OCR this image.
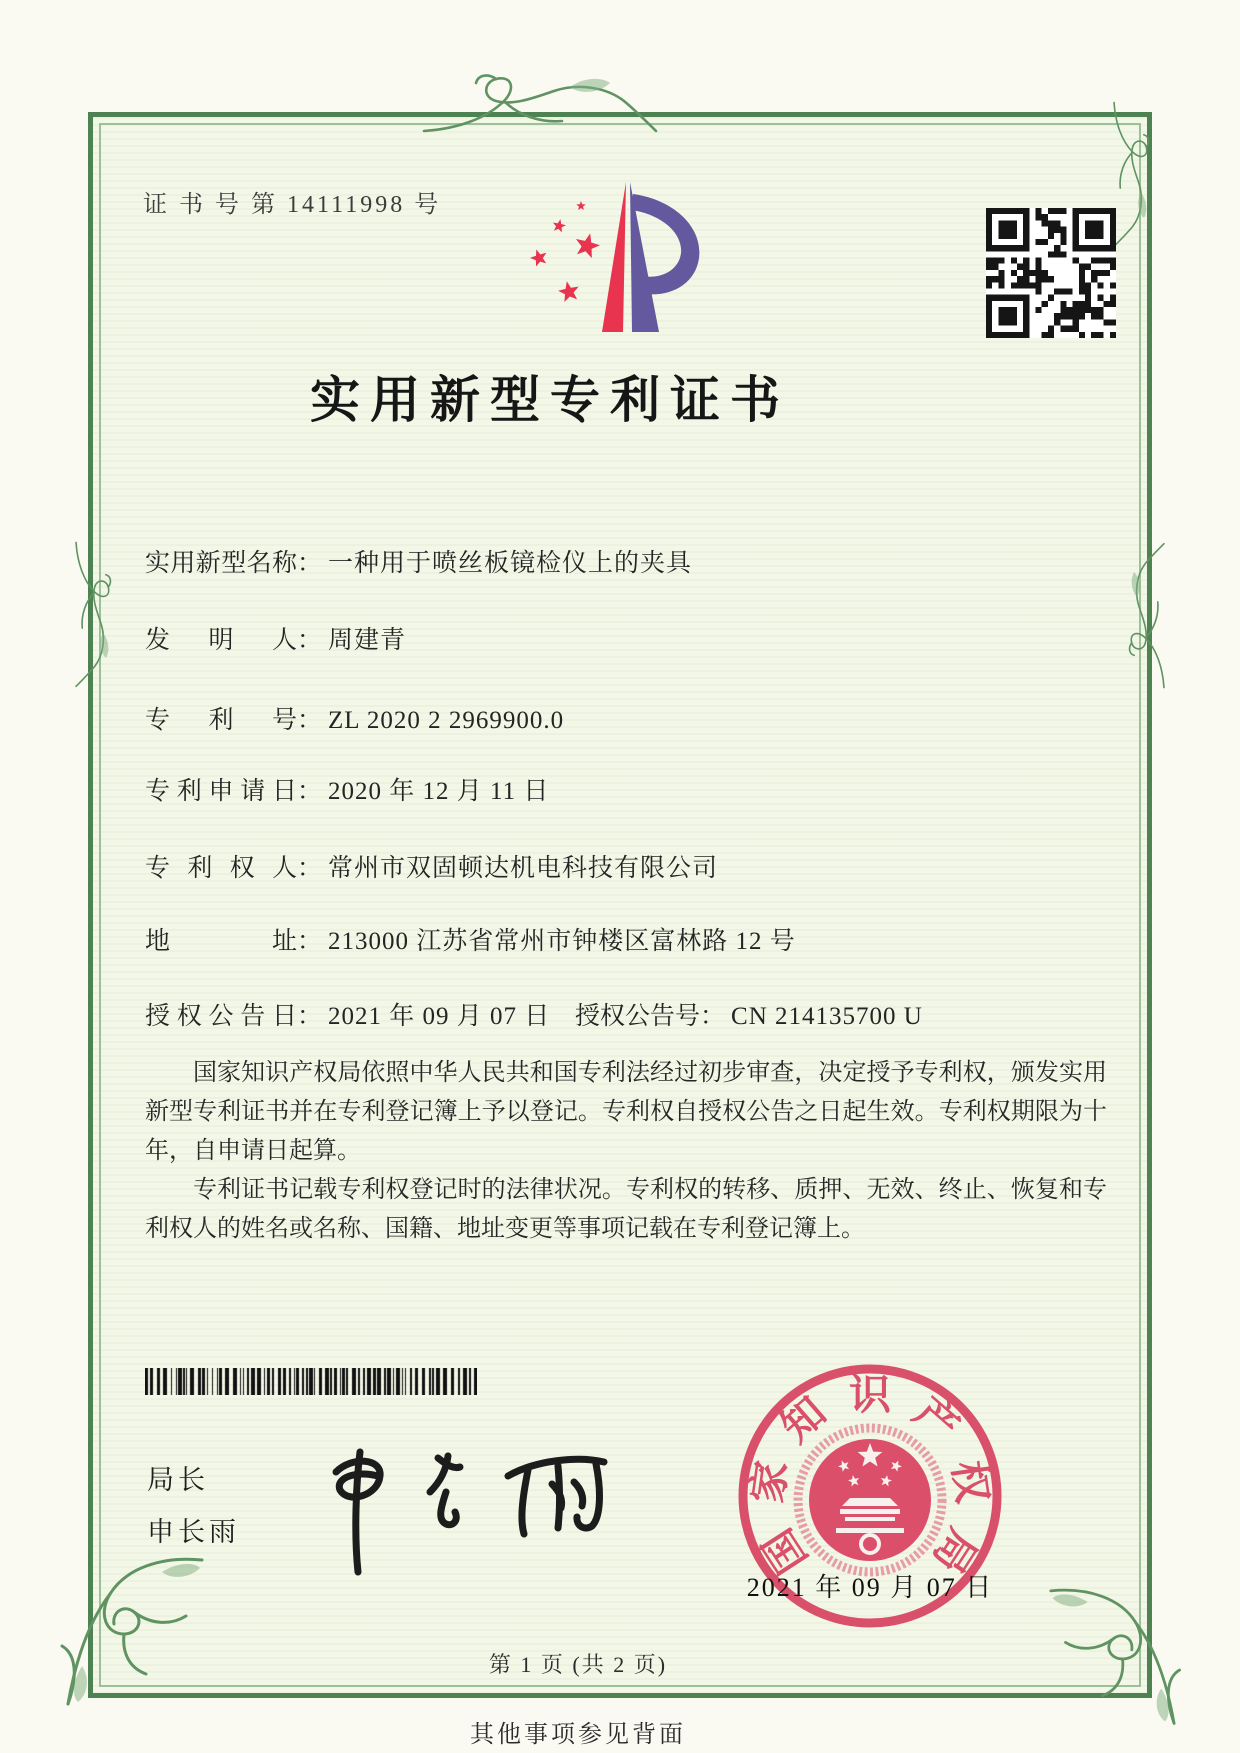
证 书 号 第 14111998 号
实用新型专利证书
实用新型名称： 一种用于喷丝板镜检仪上的夹具
发明人： 周建青
专利号： ZL 2020 2 2969900.0
专利申请日： 2020 年 12 月 11 日
专利权人： 常州市双固顿达机电科技有限公司
地址： 213000 江苏省常州市钟楼区富林路 12 号
授权公告日： 2021 年 09 月 07 日 授权公告号： CN 214135700 U

国家知识产权局依照中华人民共和国专利法经过初步审查，决定授予专利权，颁发实用新型专利证书并在专利登记簿上予以登记。专利权自授权公告之日起生效。专利权期限为十年，自申请日起算。

专利证书记载专利权登记时的法律状况。专利权的转移、质押、无效、终止、恢复和专利权人的姓名或名称、国籍、地址变更等事项记载在专利登记簿上。

局长
申长雨	国
家
知 识 产
权
局
2021 年 09 月 07 日
第 1 页 (共 2 页)
其他事项参见背面
